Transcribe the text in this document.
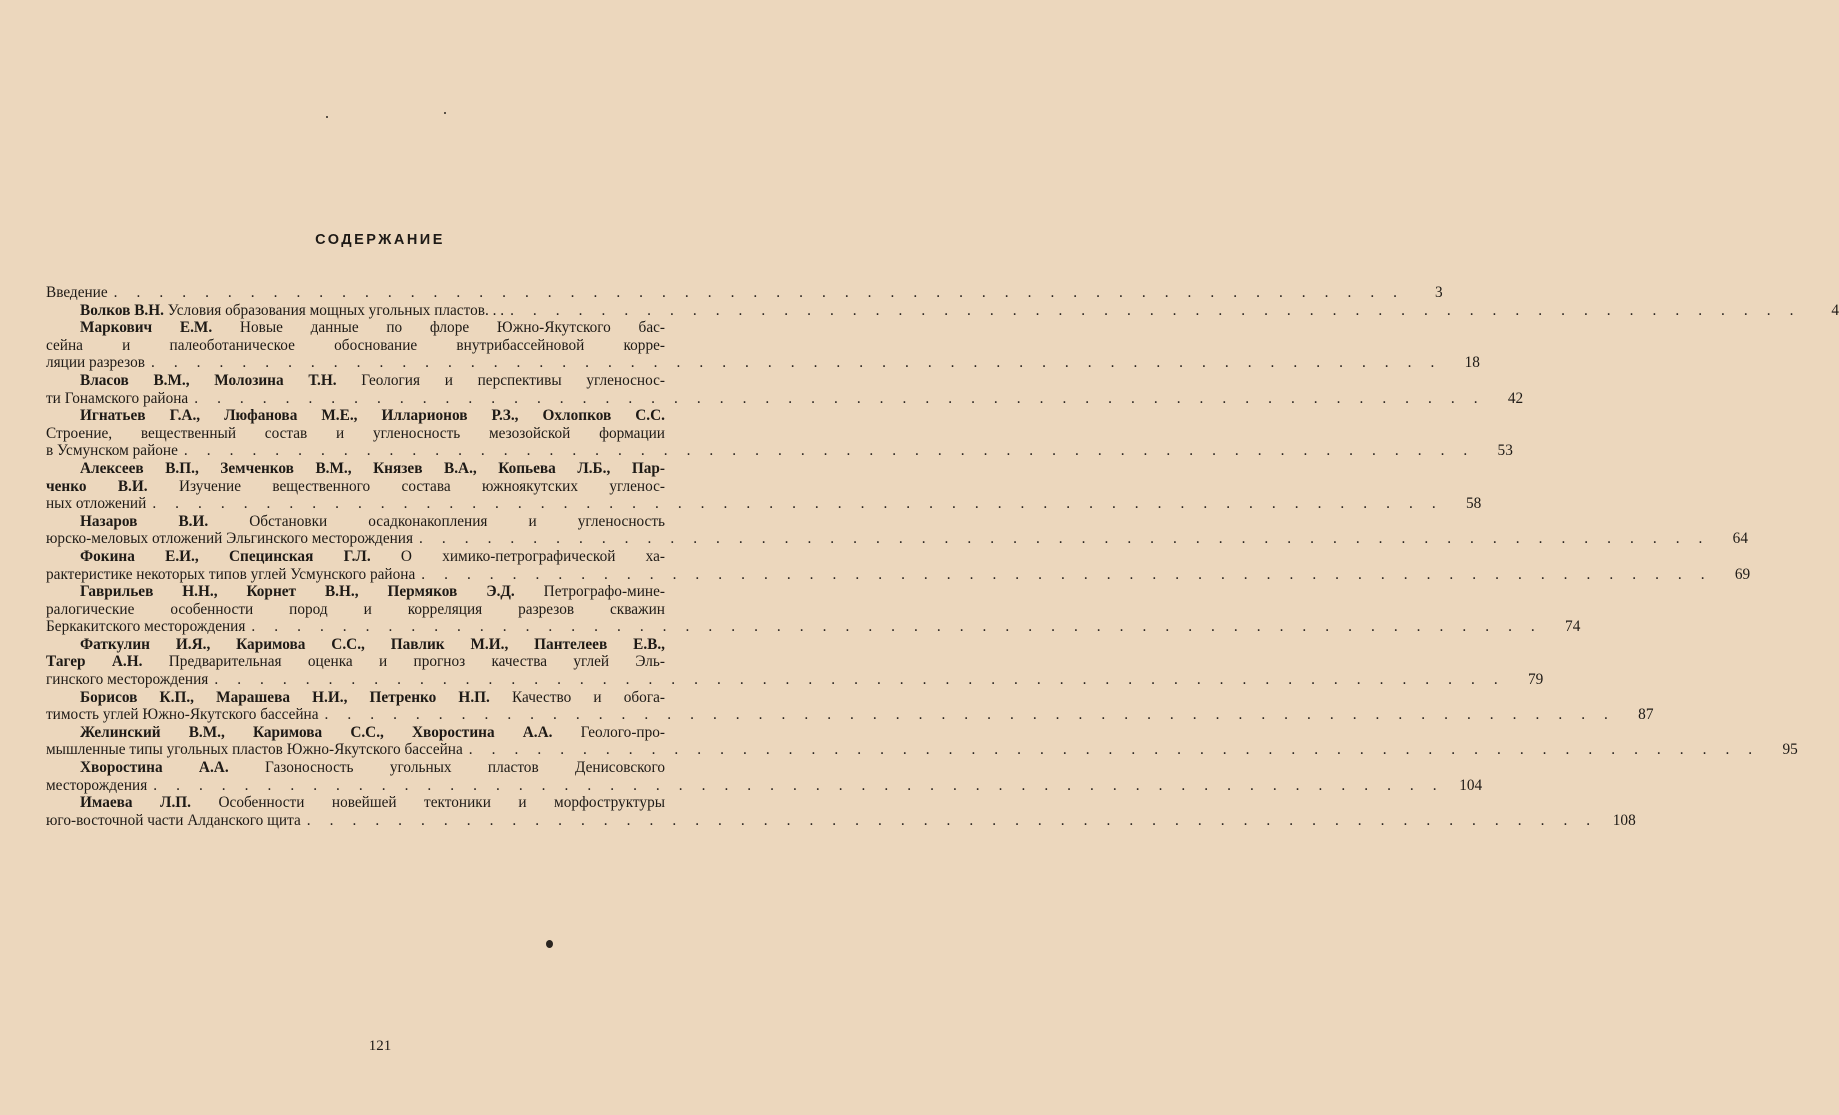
СОДЕРЖАНИЕ
Введение . . . . . . . . . . . . . . . . . . . . . . . . . . . . . . . . . . . . . . . . . . . . . . . . . . . . . . . . .	3
Волков В.Н. Условия образования мощных угольных пластов. . . . . . . . . . . . . . . . . . . . . . . . . . . . . . . . . . . . . . . . . . . . . . . . . . . . . . . . . . . .	4
Маркович Е.М. Новые данные по флоре Южно-Якутского бас-
сейна и палеоботаническое обоснование внутрибассейновой корре-
ляции разрезов . . . . . . . . . . . . . . . . . . . . . . . . . . . . . . . . . . . . . . . . . . . . . . . . . . . . . . . . .	18
Власов В.М., Молозина Т.Н. Геология и перспективы угленоснос-
ти Гонамского района . . . . . . . . . . . . . . . . . . . . . . . . . . . . . . . . . . . . . . . . . . . . . . . . . . . . . . . . .	42
Игнатьев Г.А., Люфанова М.Е., Илларионов Р.З., Охлопков С.С.
Строение, вещественный состав и угленосность мезозойской формации
в Усмунском районе . . . . . . . . . . . . . . . . . . . . . . . . . . . . . . . . . . . . . . . . . . . . . . . . . . . . . . . . .	53
Алексеев В.П., Земченков В.М., Князев В.А., Копьева Л.Б., Пар-
ченко В.И. Изучение вещественного состава южноякутских угленос-
ных отложений . . . . . . . . . . . . . . . . . . . . . . . . . . . . . . . . . . . . . . . . . . . . . . . . . . . . . . . . .	58
Назаров В.И. Обстановки осадконакопления и угленосность
юрско-меловых отложений Эльгинского месторождения . . . . . . . . . . . . . . . . . . . . . . . . . . . . . . . . . . . . . . . . . . . . . . . . . . . . . . . . .	64
Фокина Е.И., Специнская Г.Л. О химико-петрографической ха-
рактеристике некоторых типов углей Усмунского района . . . . . . . . . . . . . . . . . . . . . . . . . . . . . . . . . . . . . . . . . . . . . . . . . . . . . . . . .	69
Гаврильев Н.Н., Корнет В.Н., Пермяков Э.Д. Петрографо-мине-
ралогические особенности пород и корреляция разрезов скважин
Беркакитского месторождения . . . . . . . . . . . . . . . . . . . . . . . . . . . . . . . . . . . . . . . . . . . . . . . . . . . . . . . . .	74
Фаткулин И.Я., Каримова С.С., Павлик М.И., Пантелеев Е.В.,
Тагер А.Н. Предварительная оценка и прогноз качества углей Эль-
гинского месторождения . . . . . . . . . . . . . . . . . . . . . . . . . . . . . . . . . . . . . . . . . . . . . . . . . . . . . . . . .	79
Борисов К.П., Марашева Н.И., Петренко Н.П. Качество и обога-
тимость углей Южно-Якутского бассейна . . . . . . . . . . . . . . . . . . . . . . . . . . . . . . . . . . . . . . . . . . . . . . . . . . . . . . . . .	87
Желинский В.М., Каримова С.С., Хворостина А.А. Геолого-про-
мышленные типы угольных пластов Южно-Якутского бассейна . . . . . . . . . . . . . . . . . . . . . . . . . . . . . . . . . . . . . . . . . . . . . . . . . . . . . . . . .	95
Хворостина А.А. Газоносность угольных пластов Денисовского
месторождения . . . . . . . . . . . . . . . . . . . . . . . . . . . . . . . . . . . . . . . . . . . . . . . . . . . . . . . . . 104
Имаева Л.П. Особенности новейшей тектоники и морфоструктуры
юго-восточной части Алданского щита . . . . . . . . . . . . . . . . . . . . . . . . . . . . . . . . . . . . . . . . . . . . . . . . . . . . . . . . . 108
121
